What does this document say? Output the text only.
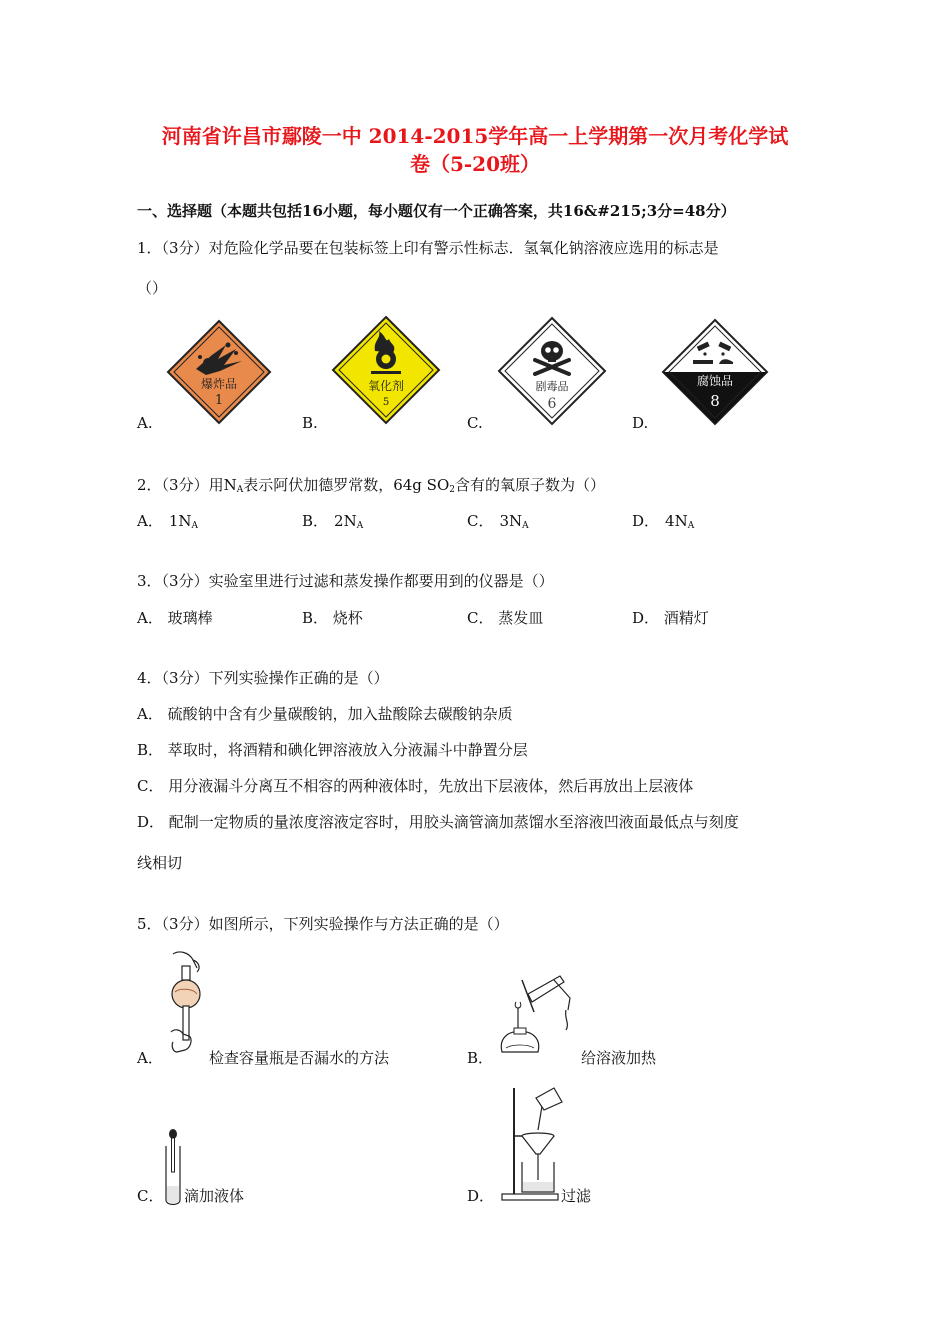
河南省许昌市鄢陵一中 2014-2015学年高一上学期第一次月考化学试
卷（5-20班）
一、选择题（本题共包括16小题，每小题仅有一个正确答案，共16&#215;3分=48分）
1．（3分）对危险化学品要在包装标签上印有警示性标志．氢氧化钠溶液应选用的标志是
（）
爆炸品
1
氧化剂
5
剧毒品
6
腐蚀品
8
A.	B.	C.	D.
2．（3分）用$N_A$表示阿伏加德罗常数，64g $SO_2$含有的氧原子数为（）
A． $1N_A$	B． $2N_A$	C． $3N_A$	D． $4N_A$
3．（3分）实验室里进行过滤和蒸发操作都要用到的仪器是（）
A． 玻璃棒	B． 烧杯	C． 蒸发皿	D． 酒精灯
4．（3分）下列实验操作正确的是（）
A． 硫酸钠中含有少量碳酸钠，加入盐酸除去碳酸钠杂质
B． 萃取时，将酒精和碘化钾溶液放入分液漏斗中静置分层
C． 用分液漏斗分离互不相容的两种液体时，先放出下层液体，然后再放出上层液体
D． 配制一定物质的量浓度溶液定容时，用胶头滴管滴加蒸馏水至溶液凹液面最低点与刻度
线相切
5．（3分）如图所示，下列实验操作与方法正确的是（）
A．	检查容量瓶是否漏水的方法	B．	给溶液加热
C． 滴加液体	D．	过滤
